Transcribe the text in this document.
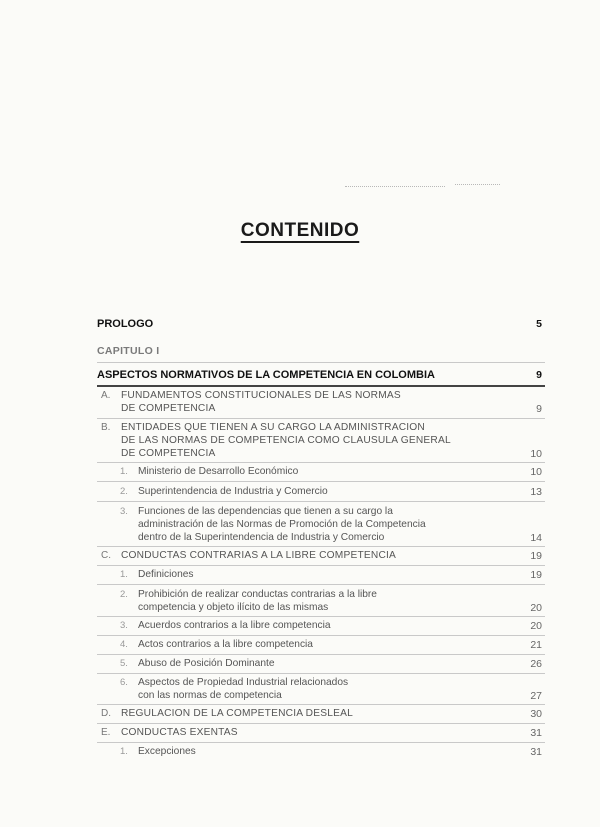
CONTENIDO
PROLOGO	5
CAPITULO I
ASPECTOS NORMATIVOS DE LA COMPETENCIA EN COLOMBIA	9
A. FUNDAMENTOS CONSTITUCIONALES DE LAS NORMAS
DE COMPETENCIA	9
B. ENTIDADES QUE TIENEN A SU CARGO LA ADMINISTRACION
DE LAS NORMAS DE COMPETENCIA COMO CLAUSULA GENERAL
DE COMPETENCIA	10
1. Ministerio de Desarrollo Económico	10
2. Superintendencia de Industria y Comercio	13
3. Funciones de las dependencias que tienen a su cargo la
administración de las Normas de Promoción de la Competencia
dentro de la Superintendencia de Industria y Comercio	14
C. CONDUCTAS CONTRARIAS A LA LIBRE COMPETENCIA	19
1. Definiciones	19
2. Prohibición de realizar conductas contrarias a la libre
competencia y objeto ilícito de las mismas	20
3. Acuerdos contrarios a la libre competencia	20
4. Actos contrarios a la libre competencia	21
5. Abuso de Posición Dominante	26
6. Aspectos de Propiedad Industrial relacionados
con las normas de competencia	27
D. REGULACION DE LA COMPETENCIA DESLEAL	30
E. CONDUCTAS EXENTAS	31
1. Excepciones	31
